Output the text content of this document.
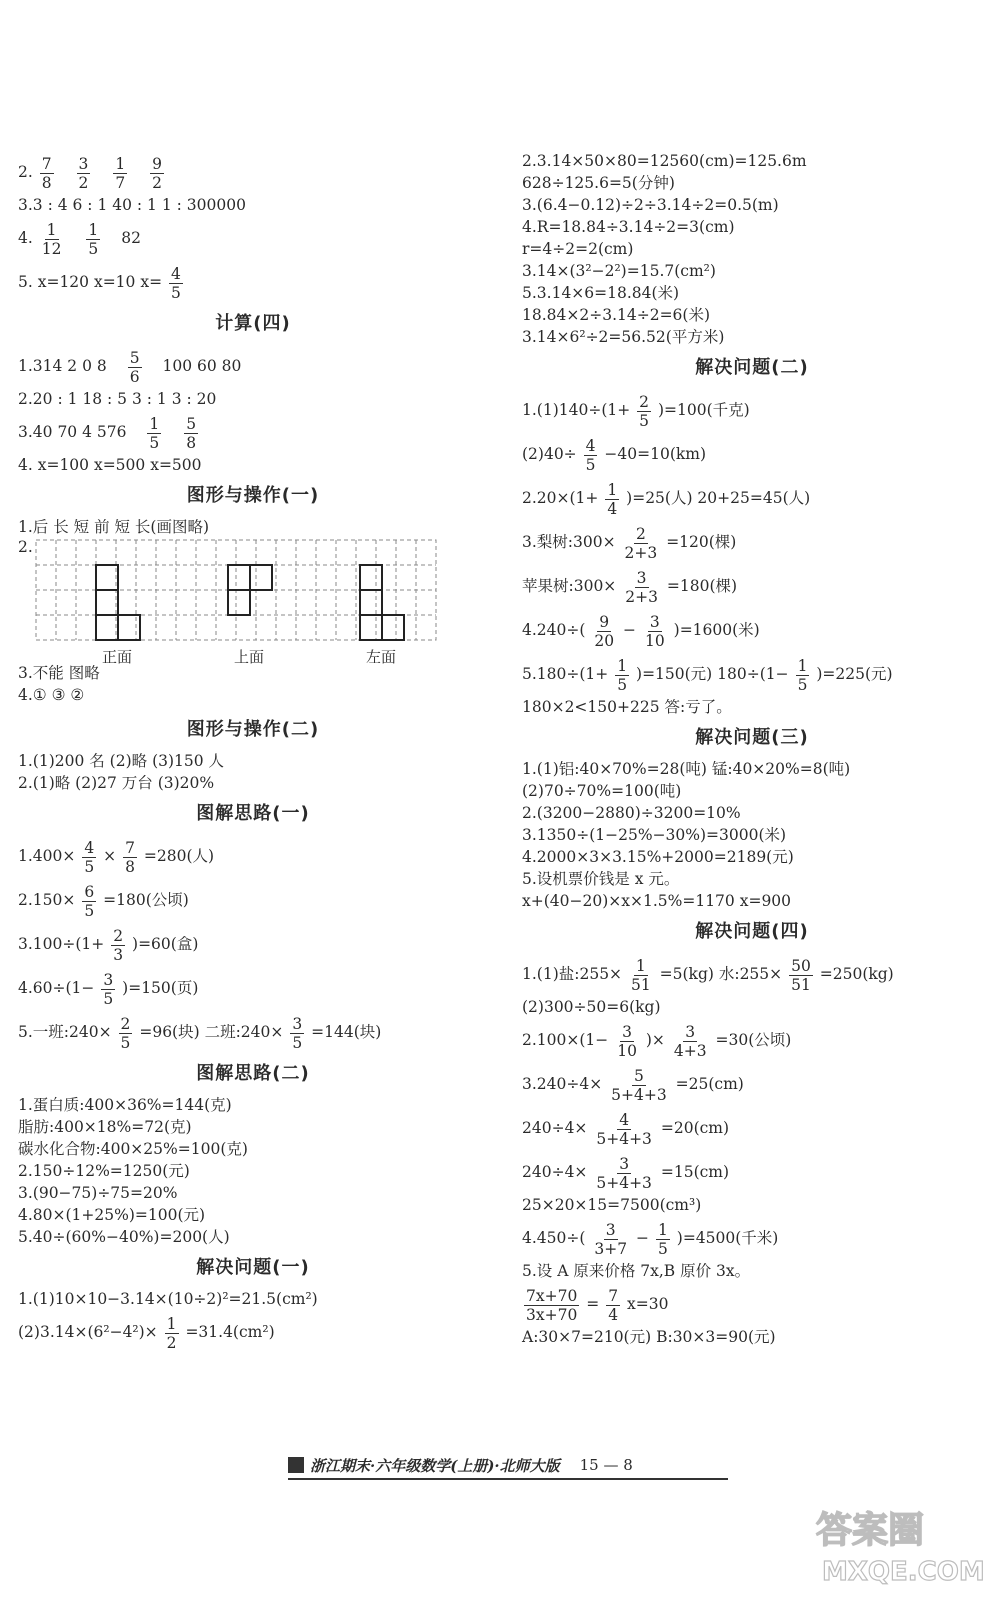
2. $\frac{7}{8}$
$\frac{3}{2}$
$\frac{1}{7}$
$\frac{9}{2}$
3.3 : 4 6 : 1 40 : 1 1 : 300000
4. $\frac{1}{12}$
$\frac{1}{5} 82$
5. x=120 x=10 $x= \frac{4}{5}$
计算(四)
1.314 2 0 $8 \frac{5}{6} 100$ 60 80
2.20 : 1 18 : 5 3 : 1 3 : 20
3.40 70 4 $576 \frac{1}{5}$
$\frac{5}{8}$
4. x=100 x=500 x=500
图形与操作(一)
1.后 长 短 前 短 长(画图略)
2.
正面	上面	左面
3.不能 图略
4.① ③ ②
图形与操作(二)
1.(1)200 名 (2)略 (3)150 人
2.(1)略 (2)27 万台 (3)20%
图解思路(一)
$1.400\times \frac{4}{5} \times \frac{7}{8} =280$(人)
$2.150\times \frac{6}{5} =180$(公顷)
$3.100\div(1+ \frac{2}{3} )=60$(盒)
$4.60\div(1- \frac{3}{5} )=150$(页)
5.一班:240× $\frac{2}{5} =96$(块) 二班:240× $\frac{3}{5} =144$(块)
图解思路(二)
1.蛋白质:400×36%=144(克)
脂肪:400×18%=72(克)
碳水化合物:400×25%=100(克)
2.150÷12%=1250(元)
3.(90−75)÷75=20%
4.80×(1+25%)=100(元)
5.40÷(60%−40%)=200(人)
解决问题(一)
1.(1)10×10−3.14×(10÷2)²=21.5(cm²)
$(2)3.14\times(6^2-4^2)\times \frac{1}{2} =31.4(cm^2)$
2.3.14×50×80=12560(cm)=125.6m
628÷125.6=5(分钟)
3.(6.4−0.12)÷2÷3.14÷2=0.5(m)
4.R=18.84÷3.14÷2=3(cm)
r=4÷2=2(cm)
3.14×(3²−2²)=15.7(cm²)
5.3.14×6=18.84(米)
18.84×2÷3.14÷2=6(米)
3.14×6²÷2=56.52(平方米)
解决问题(二)
$1.(1)140\div(1+ \frac{2}{5} )=100$(千克)
$(2)40\div \frac{4}{5} -40=10(km)$
$2.20\times(1+ \frac{1}{4} )=25$(人) 20+25=45(人)
3.梨树:300× $\frac{2}{2+3} =120$(棵)
苹果树:300× $\frac{3}{2+3} =180$(棵)
$4.240\div( \frac{9}{20} - \frac{3}{10} )=1600$(米)
$5.180\div(1+ \frac{1}{5} )=150$(元) $180\div(1- \frac{1}{5} )=225$(元)
180×2<150+225 答:亏了。
解决问题(三)
1.(1)铝:40×70%=28(吨) 锰:40×20%=8(吨)
(2)70÷70%=100(吨)
2.(3200−2880)÷3200=10%
3.1350÷(1−25%−30%)=3000(米)
4.2000×3×3.15%+2000=2189(元)
5.设机票价钱是 x 元。
x+(40−20)×x×1.5%=1170 x=900
解决问题(四)
1.(1)盐:255× $\frac{1}{51} =5(kg)$ 水:255× $\frac{50}{51} =250(kg)$
(2)300÷50=6(kg)
$2.100\times(1- \frac{3}{10}$ )× $\frac{3}{4+3} =30$(公顷)
$3.240\div 4\times \frac{5}{5+4+3} =25(cm)$
$240\div 4\times \frac{4}{5+4+3} =20(cm)$
$240\div 4\times \frac{3}{5+4+3} =15(cm)$
25×20×15=7500(cm³)
$4.450\div( \frac{3}{3+7} - \frac{1}{5} )=4500$(千米)
5.设 A 原来价格 7x,B 原价 3x。
$\frac{7x+70}{3x+70} = \frac{7}{4} x=30$
A:30×7=210(元) B:30×3=90(元)
浙江期末·六年级数学(上册)·北师大版 15 — 8
答案圈
MXQE.COM
